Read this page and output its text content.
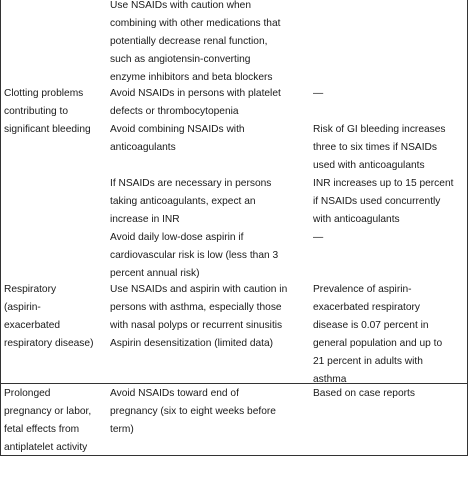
Use NSAIDs with caution when
combining with other medications that
potentially decrease renal function,
such as angiotensin-converting
enzyme inhibitors and beta blockers
Clotting problems
contributing to
significant bleeding
Avoid NSAIDs in persons with platelet
defects or thrombocytopenia
—
Avoid combining NSAIDs with
anticoagulants
Risk of GI bleeding increases
three to six times if NSAIDs
used with anticoagulants
If NSAIDs are necessary in persons
taking anticoagulants, expect an
increase in INR
INR increases up to 15 percent
if NSAIDs used concurrently
with anticoagulants
Avoid daily low-dose aspirin if
cardiovascular risk is low (less than 3
percent annual risk)
—
Respiratory
(aspirin-
exacerbated
respiratory disease)
Use NSAIDs and aspirin with caution in
persons with asthma, especially those
with nasal polyps or recurrent sinusitis
Aspirin desensitization (limited data)
Prevalence of aspirin-
exacerbated respiratory
disease is 0.07 percent in
general population and up to
21 percent in adults with
asthma
Prolonged
pregnancy or labor,
fetal effects from
antiplatelet activity
Avoid NSAIDs toward end of
pregnancy (six to eight weeks before
term)
Based on case reports
